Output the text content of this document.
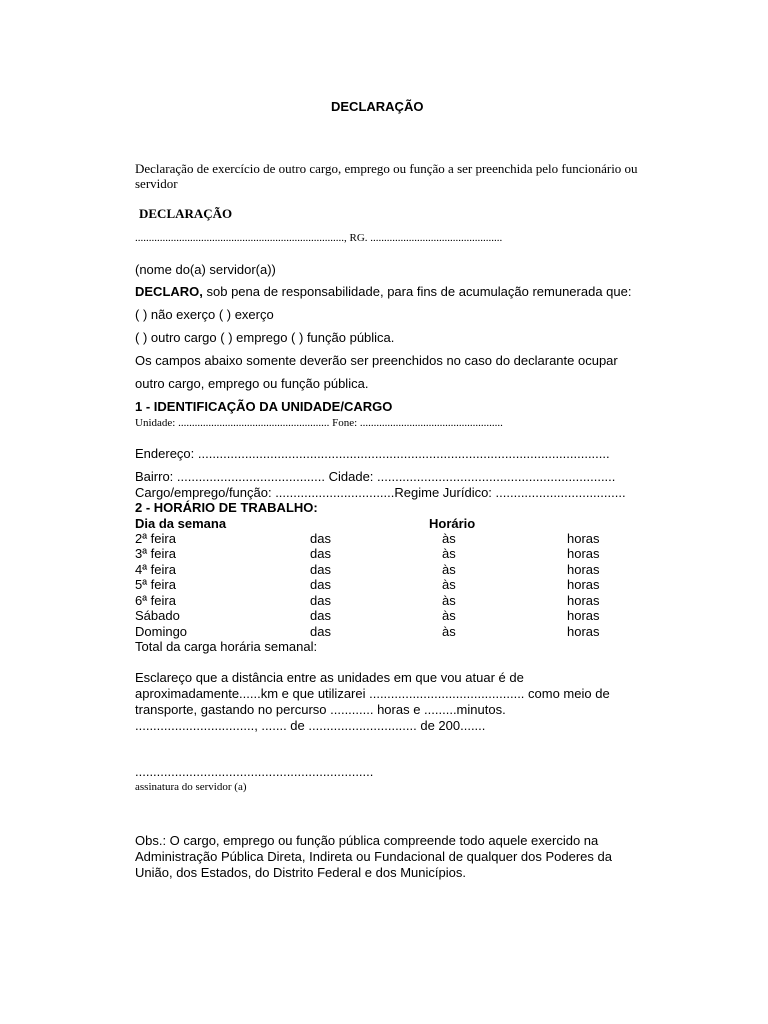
DECLARAÇÃO
Declaração de exercício de outro cargo, emprego ou função a ser preenchida pelo funcionário ou
servidor
DECLARAÇÃO
............................................................................, RG. ................................................
(nome do(a) servidor(a))
DECLARO, sob pena de responsabilidade, para fins de acumulação remunerada que:
( ) não exerço ( ) exerço
( ) outro cargo ( ) emprego ( ) função pública.
Os campos abaixo somente deverão ser preenchidos no caso do declarante ocupar
outro cargo, emprego ou função pública.
1 - IDENTIFICAÇÃO DA UNIDADE/CARGO
Unidade: ....................................................... Fone: ....................................................
Endereço: ..................................................................................................................
Bairro: ......................................... Cidade: ..................................................................
Cargo/emprego/função: .................................Regime Jurídico: ....................................
2 - HORÁRIO DE TRABALHO:
Dia da semana	Horário
2ª feira	das	às	horas
3ª feira	das	às	horas
4ª feira	das	às	horas
5ª feira	das	às	horas
6ª feira	das	às	horas
Sábado	das	às	horas
Domingo	das	às	horas
Total da carga horária semanal:
Esclareço que a distância entre as unidades em que vou atuar é de
aproximadamente......km e que utilizarei ........................................... como meio de
transporte, gastando no percurso ............ horas e .........minutos.
................................., ....... de .............................. de 200.......
..................................................................
assinatura do servidor (a)
Obs.: O cargo, emprego ou função pública compreende todo aquele exercido na
Administração Pública Direta, Indireta ou Fundacional de qualquer dos Poderes da
União, dos Estados, do Distrito Federal e dos Municípios.
